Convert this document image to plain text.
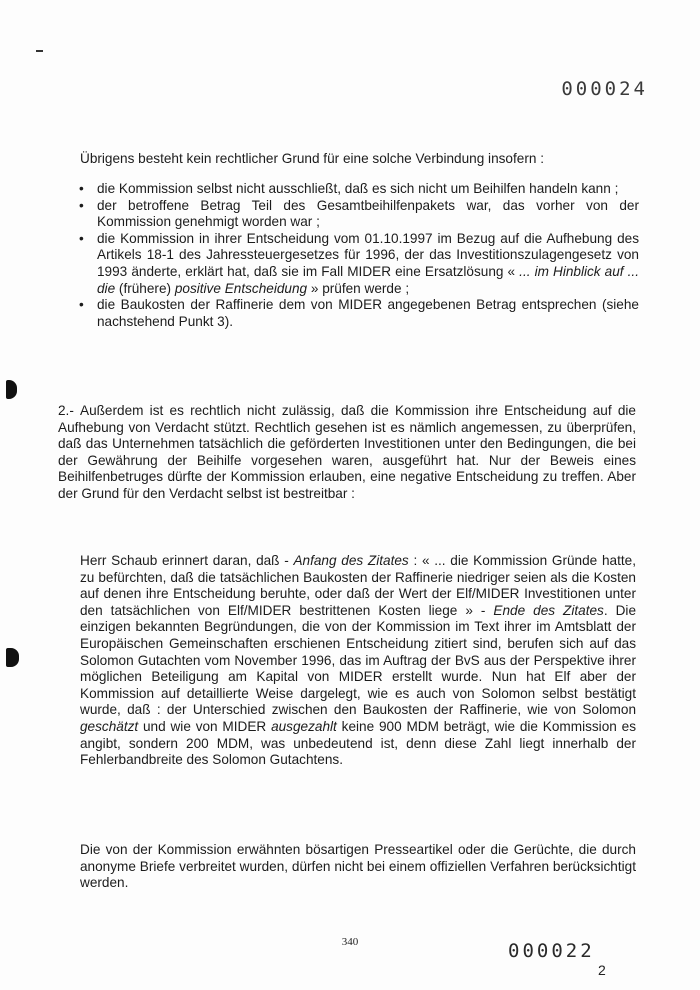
000024
Übrigens besteht kein rechtlicher Grund für eine solche Verbindung insofern :
• die Kommission selbst nicht ausschließt, daß es sich nicht um Beihilfen handeln kann ;
• der betroffene Betrag Teil des Gesamtbeihilfenpakets war, das vorher von der Kommission genehmigt worden war ;
• die Kommission in ihrer Entscheidung vom 01.10.1997 im Bezug auf die Aufhebung des Artikels 18-1 des Jahressteuergesetzes für 1996, der das Investitionszulagengesetz von 1993 änderte, erklärt hat, daß sie im Fall MIDER eine Ersatzlösung « ... im Hinblick auf ... die (frühere) positive Entscheidung » prüfen werde ;
• die Baukosten der Raffinerie dem von MIDER angegebenen Betrag entsprechen (siehe nachstehend Punkt 3).
2.- Außerdem ist es rechtlich nicht zulässig, daß die Kommission ihre Entscheidung auf die Aufhebung von Verdacht stützt. Rechtlich gesehen ist es nämlich angemessen, zu überprüfen, daß das Unternehmen tatsächlich die geförderten Investitionen unter den Bedingungen, die bei der Gewährung der Beihilfe vorgesehen waren, ausgeführt hat. Nur der Beweis eines Beihilfenbetruges dürfte der Kommission erlauben, eine negative Entscheidung zu treffen. Aber der Grund für den Verdacht selbst ist bestreitbar :
Herr Schaub erinnert daran, daß - Anfang des Zitates : « ... die Kommission Gründe hatte, zu befürchten, daß die tatsächlichen Baukosten der Raffinerie niedriger seien als die Kosten auf denen ihre Entscheidung beruhte, oder daß der Wert der Elf/MIDER Investitionen unter den tatsächlichen von Elf/MIDER bestrittenen Kosten liege » - Ende des Zitates. Die einzigen bekannten Begründungen, die von der Kommission im Text ihrer im Amtsblatt der Europäischen Gemeinschaften erschienen Entscheidung zitiert sind, berufen sich auf das Solomon Gutachten vom November 1996, das im Auftrag der BvS aus der Perspektive ihrer möglichen Beteiligung am Kapital von MIDER erstellt wurde. Nun hat Elf aber der Kommission auf detaillierte Weise dargelegt, wie es auch von Solomon selbst bestätigt wurde, daß : der Unterschied zwischen den Baukosten der Raffinerie, wie von Solomon geschätzt und wie von MIDER ausgezahlt keine 900 MDM beträgt, wie die Kommission es angibt, sondern 200 MDM, was unbedeutend ist, denn diese Zahl liegt innerhalb der Fehlerbandbreite des Solomon Gutachtens.
Die von der Kommission erwähnten bösartigen Presseartikel oder die Gerüchte, die durch anonyme Briefe verbreitet wurden, dürfen nicht bei einem offiziellen Verfahren berücksichtigt werden.
340	000022
2
